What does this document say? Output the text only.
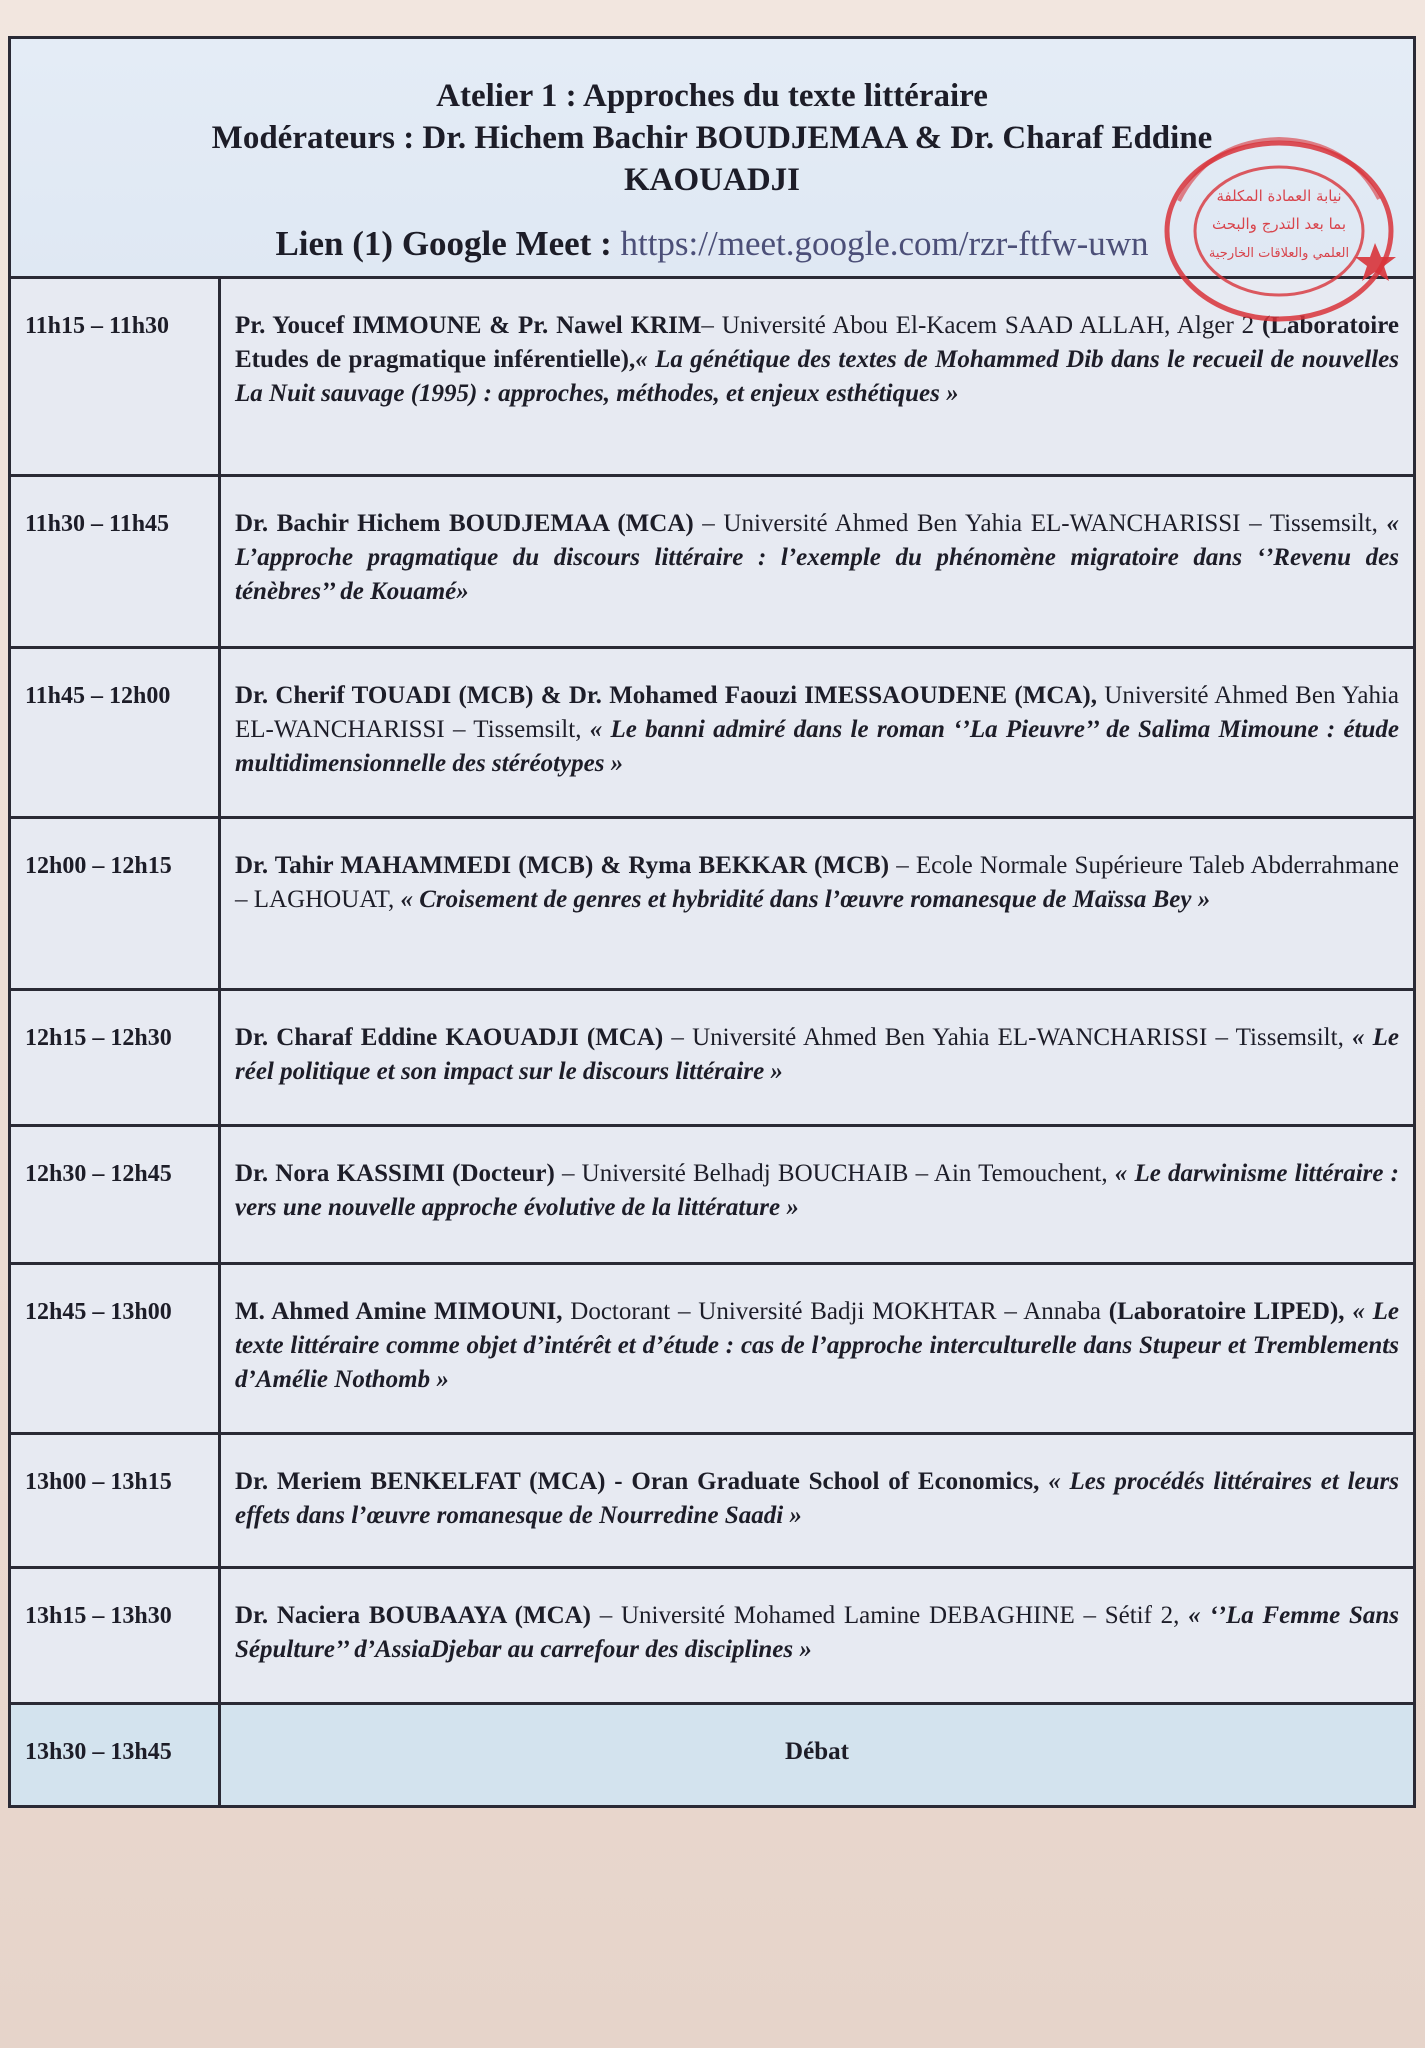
Atelier 1 : Approches du texte littéraire

Modérateurs : Dr. Hichem Bachir BOUDJEMAA & Dr. Charaf Eddine

KAOUADJI

Lien (1) Google Meet : https://meet.google.com/rzr-ftfw-uwn

نيابة العمادة المكلفة
بما بعد التدرج والبحث
العلمي والعلاقات الخارجية
11h15 – 11h30	Pr. Youcef IMMOUNE & Pr. Nawel KRIM– Université Abou El-Kacem SAAD ALLAH, Alger 2 (Laboratoire Etudes de pragmatique inférentielle),« La génétique des textes de Mohammed Dib dans le recueil de nouvelles La Nuit sauvage (1995) : approches, méthodes, et enjeux esthétiques »
11h30 – 11h45	Dr. Bachir Hichem BOUDJEMAA (MCA) – Université Ahmed Ben Yahia EL-WANCHARISSI – Tissemsilt, « L’approche pragmatique du discours littéraire : l’exemple du phénomène migratoire dans ‘’Revenu des ténèbres’’ de Kouamé»
11h45 – 12h00	Dr. Cherif TOUADI (MCB) & Dr. Mohamed Faouzi IMESSAOUDENE (MCA), Université Ahmed Ben Yahia EL-WANCHARISSI – Tissemsilt, « Le banni admiré dans le roman ‘’La Pieuvre’’ de Salima Mimoune : étude multidimensionnelle des stéréotypes »
12h00 – 12h15	Dr. Tahir MAHAMMEDI (MCB) & Ryma BEKKAR (MCB) – Ecole Normale Supérieure Taleb Abderrahmane – LAGHOUAT, « Croisement de genres et hybridité dans l’œuvre romanesque de Maïssa Bey »
12h15 – 12h30	Dr. Charaf Eddine KAOUADJI (MCA) – Université Ahmed Ben Yahia EL-WANCHARISSI – Tissemsilt, « Le réel politique et son impact sur le discours littéraire »
12h30 – 12h45	Dr. Nora KASSIMI (Docteur) – Université Belhadj BOUCHAIB – Ain Temouchent, « Le darwinisme littéraire : vers une nouvelle approche évolutive de la littérature »
12h45 – 13h00	M. Ahmed Amine MIMOUNI, Doctorant – Université Badji MOKHTAR – Annaba (Laboratoire LIPED), « Le texte littéraire comme objet d’intérêt et d’étude : cas de l’approche interculturelle dans Stupeur et Tremblements d’Amélie Nothomb »
13h00 – 13h15	Dr. Meriem BENKELFAT (MCA) - Oran Graduate School of Economics, « Les procédés littéraires et leurs effets dans l’œuvre romanesque de Nourredine Saadi »
13h15 – 13h30	Dr. Naciera BOUBAAYA (MCA) – Université Mohamed Lamine DEBAGHINE – Sétif 2, « ‘’La Femme Sans Sépulture’’ d’AssiaDjebar au carrefour des disciplines »
13h30 – 13h45	Débat
